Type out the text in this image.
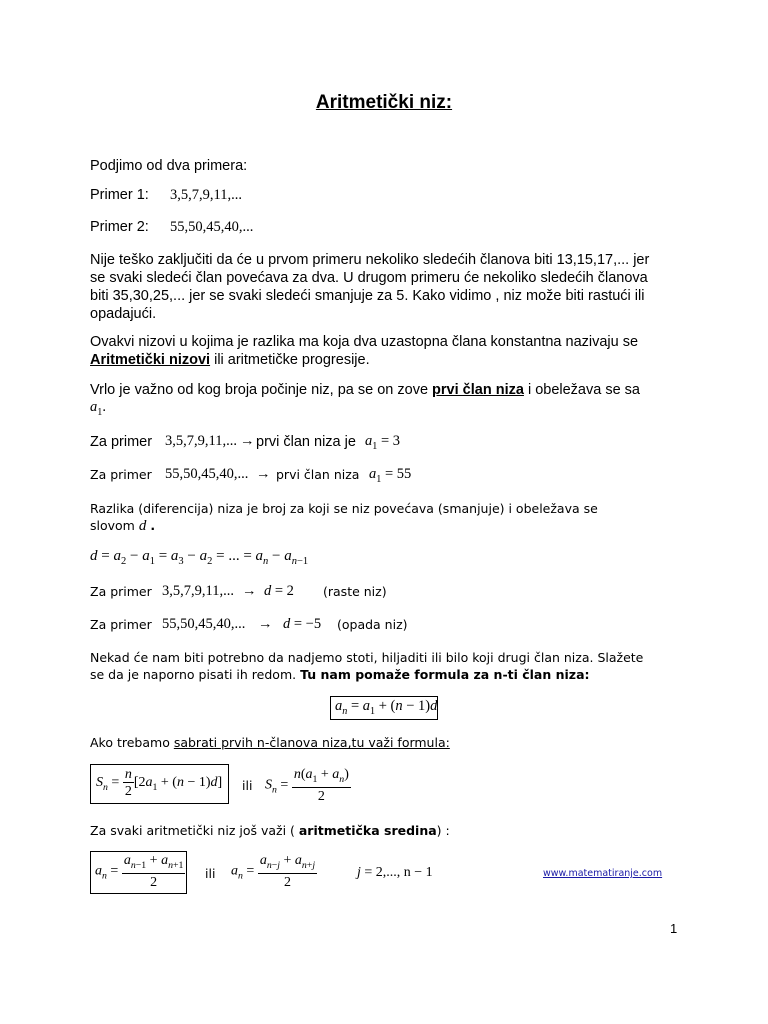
Aritmetički niz:
Podjimo od dva primera:
Primer 1: 3,5,7,9,11,...
Primer 2: 55,50,45,40,...
Nije teško zaključiti da će u prvom primeru nekoliko sledećih članova biti 13,15,17,... jer
se svaki sledeći član povećava za dva. U drugom primeru će nekoliko sledećih članova
biti 35,30,25,... jer se svaki sledeći smanjuje za 5. Kako vidimo , niz može biti rastući ili
opadajući.
Ovakvi nizovi u kojima je razlika ma koja dva uzastopna člana konstantna nazivaju se
Aritmetički nizovi ili aritmetičke progresije.
Vrlo je važno od kog broja počinje niz, pa se on zove prvi član niza i obeležava se sa
$a_1$.
Za primer 3,5,7,9,11,... → prvi član niza je $a_1 = 3$
Za primer 55,50,45,40,... → prvi član niza $a_1 = 55$
Razlika (diferencija) niza je broj za koji se niz povećava (smanjuje) i obeležava se
slovom d .
$d = a_2 - a_1 = a_3 - a_2$ = ... = $a_n - a_{n-1}$
Za primer 3,5,7,9,11,... → d = 2 (raste niz)
Za primer 55,50,45,40,... → d = −5 (opada niz)
Nekad će nam biti potrebno da nadjemo stoti, hiljaditi ili bilo koji drugi član niza. Slažete
se da je naporno pisati ih redom. Tu nam pomaže formula za n-ti član niza:
$a_n = a_1 + (n - 1)d$
Ako trebamo sabrati prvih n-članova niza,tu važi formula:
$S_n = \frac{n}{2} [2a_1 + (n - 1)d]$ ili $S_n = \frac{n(a_1 + a_n)}{2}$
Za svaki aritmetički niz još važi ( aritmetička sredina) :
$a_n = \frac{a_{n-1} + a_{n+1}}{2}$ ili $a_n = \frac{a_{n-j} + a_{n+j}}{2}$	j = 2,..., n − 1	www.matematiranje.com
1
